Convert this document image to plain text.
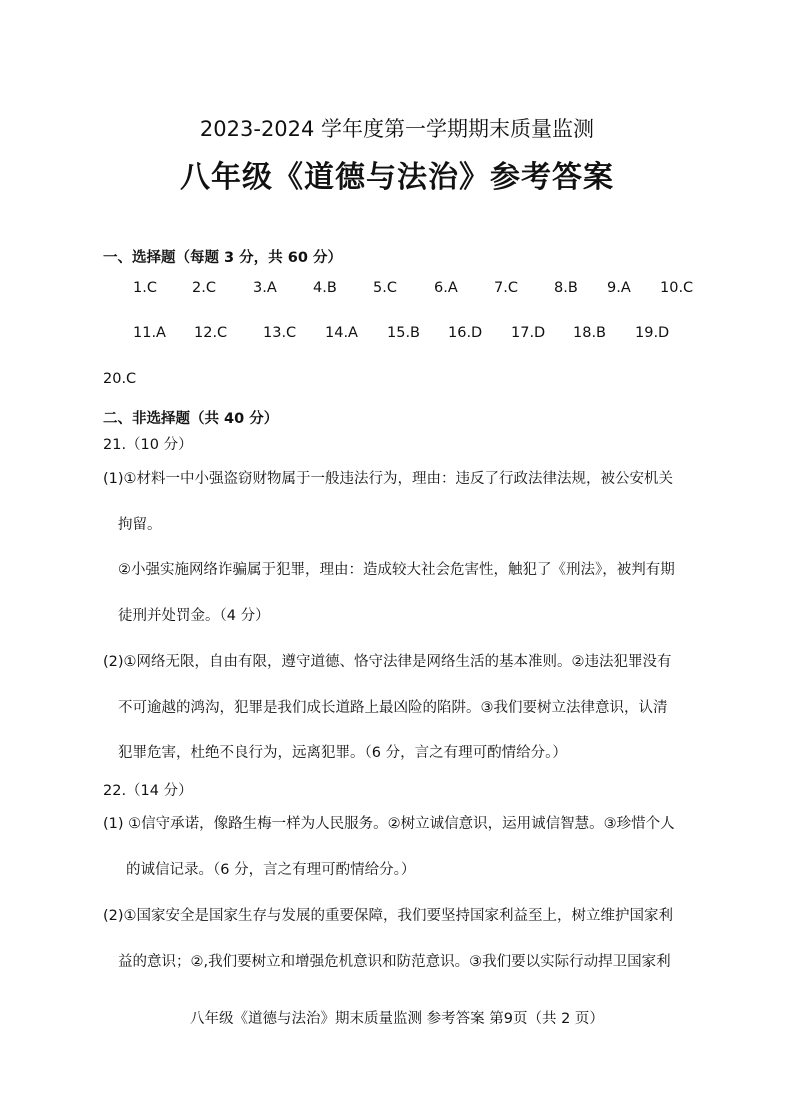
2023-2024 学年度第一学期期末质量监测
八年级《道德与法治》参考答案
一、选择题（每题 3 分，共 60 分）
1.C 2.C	3.A 4.B 5.C	6.A 7.C 8.B 9.A 10.C
11.A 12.C 13.C 14.A 15.B 16.D 17.D 18.B 19.D
20.C
二、非选择题（共 40 分）
21.（10 分）
(1)①材料一中小强盗窃财物属于一般违法行为，理由：违反了行政法律法规，被公安机关
拘留。
②小强实施网络诈骗属于犯罪，理由：造成较大社会危害性，触犯了《刑法》，被判有期
徒刑并处罚金。（4 分）
(2)①网络无限，自由有限，遵守道德、恪守法律是网络生活的基本准则。②违法犯罪没有
不可逾越的鸿沟，犯罪是我们成长道路上最凶险的陷阱。③我们要树立法律意识，认清
犯罪危害，杜绝不良行为，远离犯罪。（6 分，言之有理可酌情给分。）
22.（14 分）
(1) ①信守承诺，像路生梅一样为人民服务。②树立诚信意识，运用诚信智慧。③珍惜个人
的诚信记录。（6 分，言之有理可酌情给分。）
(2)①国家安全是国家生存与发展的重要保障，我们要坚持国家利益至上，树立维护国家利
益的意识；②,我们要树立和增强危机意识和防范意识。③我们要以实际行动捍卫国家利
八年级《道德与法治》期末质量监测 参考答案 第9页（共 2 页）
